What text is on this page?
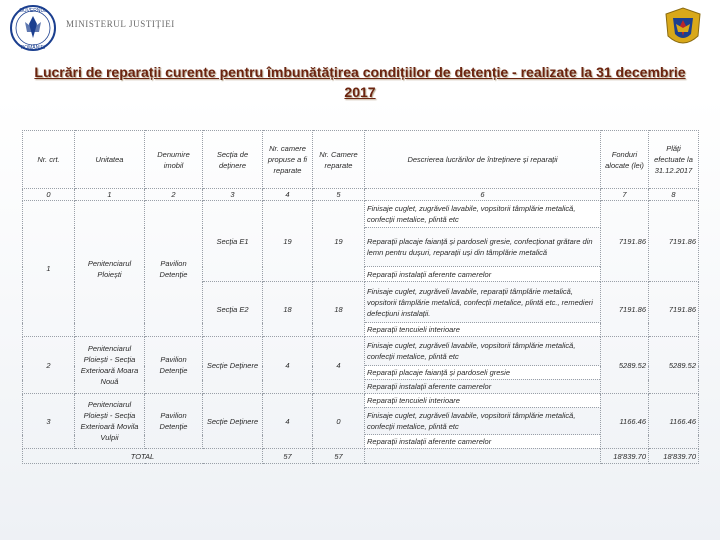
GUVERNUL
ROMÂNIEI
MINISTERUL JUSTIȚIEI
Lucrări de reparații curente pentru îmbunătățirea condițiilor de detenție - realizate la 31 decembrie 2017
Nr. crt.	Unitatea	Denumire imobil	Secția de deținere	Nr. camere propuse a fi reparate	Nr. Camere reparate	Descrierea lucrărilor de întreținere și reparații	Fonduri alocate (lei)	Plăți efectuate la 31.12.2017
0	1	2	3	4	5	6	7	8
1	Penitenciarul Ploiești	Pavilion Detenție	Secția E1	19	19	Finisaje cuglet, zugrăveli lavabile, vopsitorii tâmplărie metalică, confecții metalice, plintă etc	7191.86	7191.86
						Reparații placaje faianță și pardoseli gresie, confecționat grătare din lemn pentru dușuri, reparații uși din tâmplărie metalică		
						Reparații instalații aferente camerelor		
			Secția E2	18	18	Finisaje cuglet, zugrăveli lavabile, reparații tâmplărie metalică, vopsitorii tâmplărie metalică, confecții metalice, plintă etc., remedieri defecțiuni instalații.	7191.86	7191.86
						Reparații tencuieli interioare		
2	Penitenciarul Ploiești - Secția Exterioară Moara Nouă	Pavilion Detenție	Secție Deținere	4	4	Finisaje cuglet, zugrăveli lavabile, vopsitorii tâmplărie metalică, confecții metalice, plintă etc	5289.52	5289.52
						Reparații placaje faianță și pardoseli gresie		
						Reparații instalații aferente camerelor		
3	Penitenciarul Ploiești - Secția Exterioară Movila Vulpii	Pavilion Detenție	Secție Deținere	4	0	Reparații tencuieli interioare	1166.46	1166.46
						Finisaje cuglet, zugrăveli lavabile, vopsitorii tâmplărie metalică, confecții metalice, plintă etc		
						Reparații instalații aferente camerelor		
TOTAL				57	57		18'839.70	18'839.70
